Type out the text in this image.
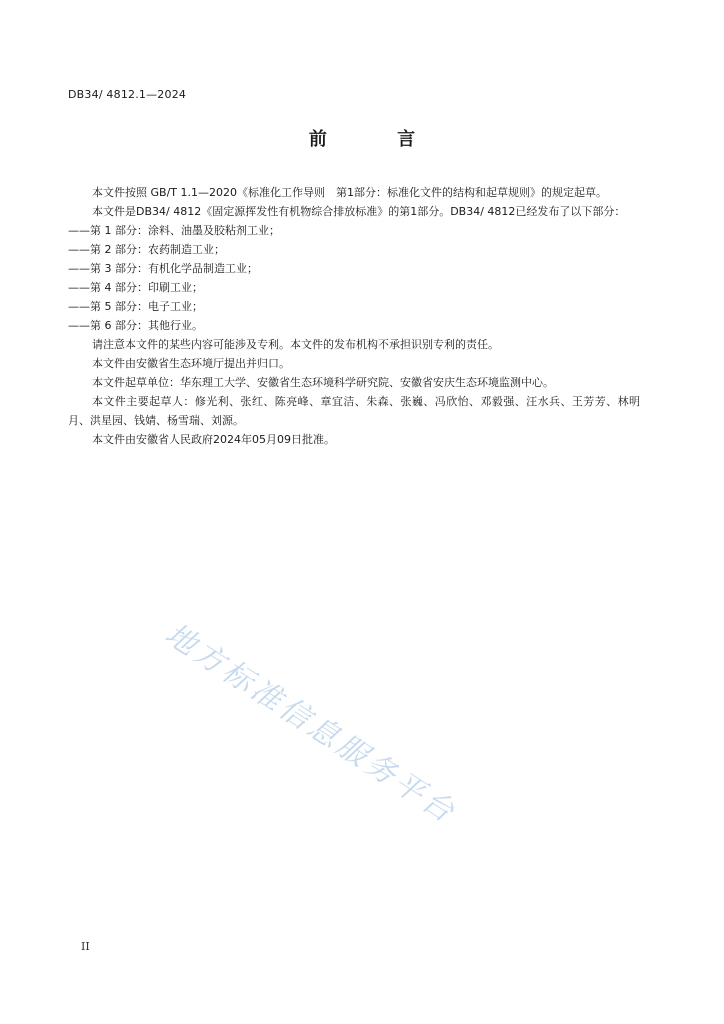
DB34/ 4812.1—2024
前 言

本文件按照 GB/T 1.1—2020《标准化工作导则　第1部分：标准化文件的结构和起草规则》的规定起草。

本文件是DB34/ 4812《固定源挥发性有机物综合排放标准》的第1部分。DB34/ 4812已经发布了以下部分：

——第 1 部分：涂料、油墨及胶粘剂工业；

——第 2 部分：农药制造工业；

——第 3 部分：有机化学品制造工业；

——第 4 部分：印刷工业；

——第 5 部分：电子工业；

——第 6 部分：其他行业。

请注意本文件的某些内容可能涉及专利。本文件的发布机构不承担识别专利的责任。

本文件由安徽省生态环境厅提出并归口。

本文件起草单位：华东理工大学、安徽省生态环境科学研究院、安徽省安庆生态环境监测中心。

本文件主要起草人：修光利、张红、陈亮峰、章宜洁、朱森、张巍、冯欣怡、邓毅强、汪水兵、王芳芳、林明月、洪星园、钱婧、杨雪瑞、刘源。

本文件由安徽省人民政府2024年05月09日批准。

地方标准信息服务平台
II
